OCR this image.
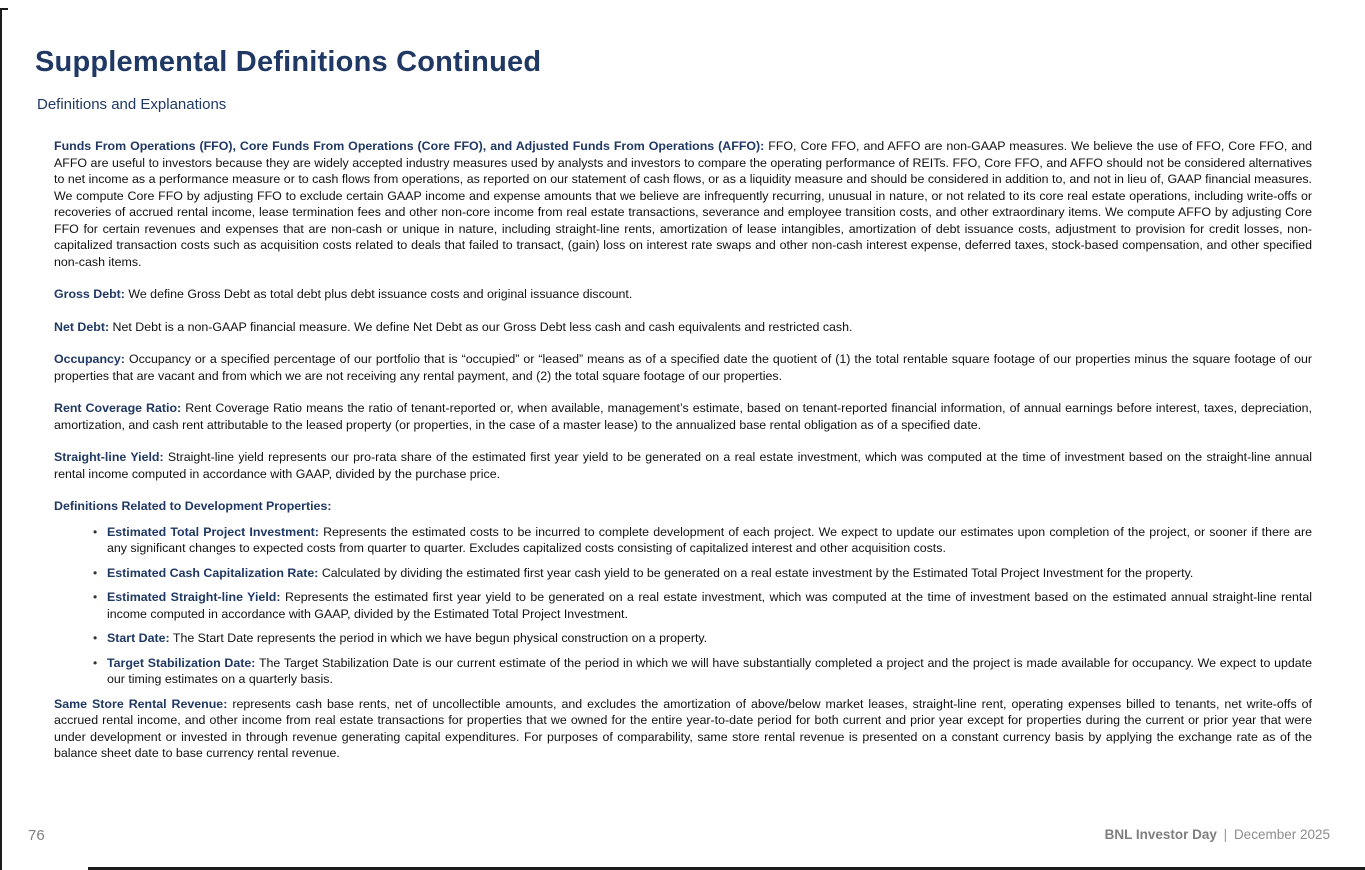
Supplemental Definitions Continued
Definitions and Explanations

Funds From Operations (FFO), Core Funds From Operations (Core FFO), and Adjusted Funds From Operations (AFFO): FFO, Core FFO, and AFFO are non-GAAP measures. We believe the use of FFO, Core FFO, and AFFO are useful to investors because they are widely accepted industry measures used by analysts and investors to compare the operating performance of REITs. FFO, Core FFO, and AFFO should not be considered alternatives to net income as a performance measure or to cash flows from operations, as reported on our statement of cash flows, or as a liquidity measure and should be considered in addition to, and not in lieu of, GAAP financial measures. We compute Core FFO by adjusting FFO to exclude certain GAAP income and expense amounts that we believe are infrequently recurring, unusual in nature, or not related to its core real estate operations, including write-offs or recoveries of accrued rental income, lease termination fees and other non-core income from real estate transactions, severance and employee transition costs, and other extraordinary items. We compute AFFO by adjusting Core FFO for certain revenues and expenses that are non-cash or unique in nature, including straight-line rents, amortization of lease intangibles, amortization of debt issuance costs, adjustment to provision for credit losses, non-capitalized transaction costs such as acquisition costs related to deals that failed to transact, (gain) loss on interest rate swaps and other non-cash interest expense, deferred taxes, stock-based compensation, and other specified non-cash items.

Gross Debt: We define Gross Debt as total debt plus debt issuance costs and original issuance discount.

Net Debt: Net Debt is a non-GAAP financial measure. We define Net Debt as our Gross Debt less cash and cash equivalents and restricted cash.

Occupancy: Occupancy or a specified percentage of our portfolio that is “occupied” or “leased” means as of a specified date the quotient of (1) the total rentable square footage of our properties minus the square footage of our properties that are vacant and from which we are not receiving any rental payment, and (2) the total square footage of our properties.

Rent Coverage Ratio: Rent Coverage Ratio means the ratio of tenant-reported or, when available, management’s estimate, based on tenant-reported financial information, of annual earnings before interest, taxes, depreciation, amortization, and cash rent attributable to the leased property (or properties, in the case of a master lease) to the annualized base rental obligation as of a specified date.

Straight-line Yield: Straight-line yield represents our pro-rata share of the estimated first year yield to be generated on a real estate investment, which was computed at the time of investment based on the straight-line annual rental income computed in accordance with GAAP, divided by the purchase price.

Definitions Related to Development Properties:

• Estimated Total Project Investment: Represents the estimated costs to be incurred to complete development of each project. We expect to update our estimates upon completion of the project, or sooner if there are any significant changes to expected costs from quarter to quarter. Excludes capitalized costs consisting of capitalized interest and other acquisition costs.
• Estimated Cash Capitalization Rate: Calculated by dividing the estimated first year cash yield to be generated on a real estate investment by the Estimated Total Project Investment for the property.
• Estimated Straight-line Yield: Represents the estimated first year yield to be generated on a real estate investment, which was computed at the time of investment based on the estimated annual straight-line rental income computed in accordance with GAAP, divided by the Estimated Total Project Investment.
• Start Date: The Start Date represents the period in which we have begun physical construction on a property.
• Target Stabilization Date: The Target Stabilization Date is our current estimate of the period in which we will have substantially completed a project and the project is made available for occupancy. We expect to update our timing estimates on a quarterly basis.

Same Store Rental Revenue: represents cash base rents, net of uncollectible amounts, and excludes the amortization of above/below market leases, straight-line rent, operating expenses billed to tenants, net write-offs of accrued rental income, and other income from real estate transactions for properties that we owned for the entire year-to-date period for both current and prior year except for properties during the current or prior year that were under development or invested in through revenue generating capital expenditures. For purposes of comparability, same store rental revenue is presented on a constant currency basis by applying the exchange rate as of the balance sheet date to base currency rental revenue.

76	BNL Investor Day | December 2025
